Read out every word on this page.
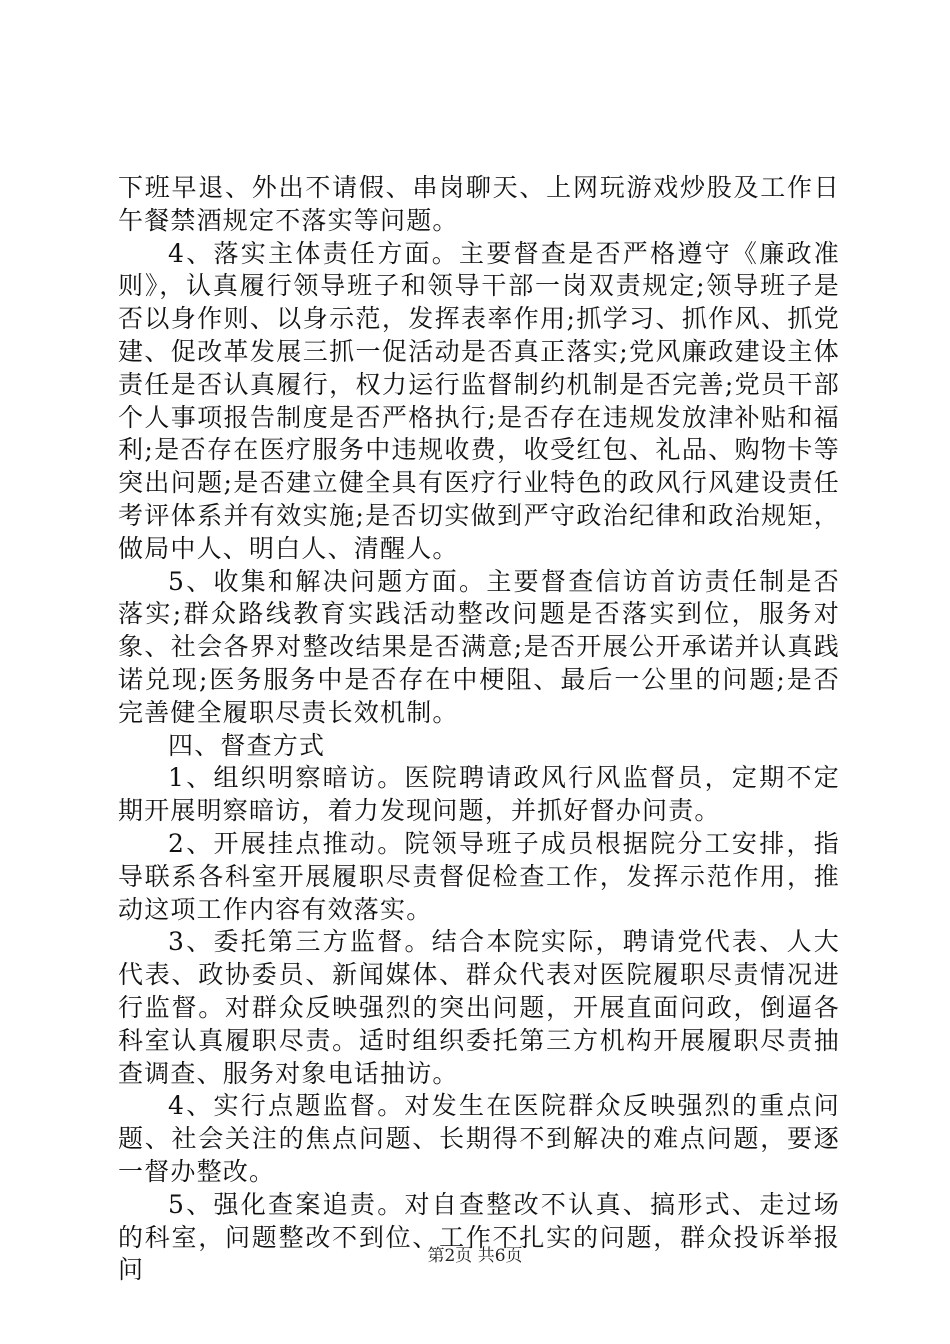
下班早退、外出不请假、串岗聊天、上网玩游戏炒股及工作日午餐禁酒规定不落实等问题。

4、落实主体责任方面。主要督查是否严格遵守《廉政准则》，认真履行领导班子和领导干部一岗双责规定;领导班子是否以身作则、以身示范，发挥表率作用;抓学习、抓作风、抓党建、促改革发展三抓一促活动是否真正落实;党风廉政建设主体责任是否认真履行，权力运行监督制约机制是否完善;党员干部个人事项报告制度是否严格执行;是否存在违规发放津补贴和福利;是否存在医疗服务中违规收费，收受红包、礼品、购物卡等突出问题;是否建立健全具有医疗行业特色的政风行风建设责任考评体系并有效实施;是否切实做到严守政治纪律和政治规矩，做局中人、明白人、清醒人。

5、收集和解决问题方面。主要督查信访首访责任制是否落实;群众路线教育实践活动整改问题是否落实到位，服务对象、社会各界对整改结果是否满意;是否开展公开承诺并认真践诺兑现;医务服务中是否存在中梗阻、最后一公里的问题;是否完善健全履职尽责长效机制。

四、督查方式

1、组织明察暗访。医院聘请政风行风监督员，定期不定期开展明察暗访，着力发现问题，并抓好督办问责。

2、开展挂点推动。院领导班子成员根据院分工安排，指导联系各科室开展履职尽责督促检查工作，发挥示范作用，推动这项工作内容有效落实。

3、委托第三方监督。结合本院实际，聘请党代表、人大代表、政协委员、新闻媒体、群众代表对医院履职尽责情况进行监督。对群众反映强烈的突出问题，开展直面问政，倒逼各科室认真履职尽责。适时组织委托第三方机构开展履职尽责抽查调查、服务对象电话抽访。

4、实行点题监督。对发生在医院群众反映强烈的重点问题、社会关注的焦点问题、长期得不到解决的难点问题，要逐一督办整改。

5、强化查案追责。对自查整改不认真、搞形式、走过场的科室，问题整改不到位、工作不扎实的问题，群众投诉举报问	第2页 共6页
